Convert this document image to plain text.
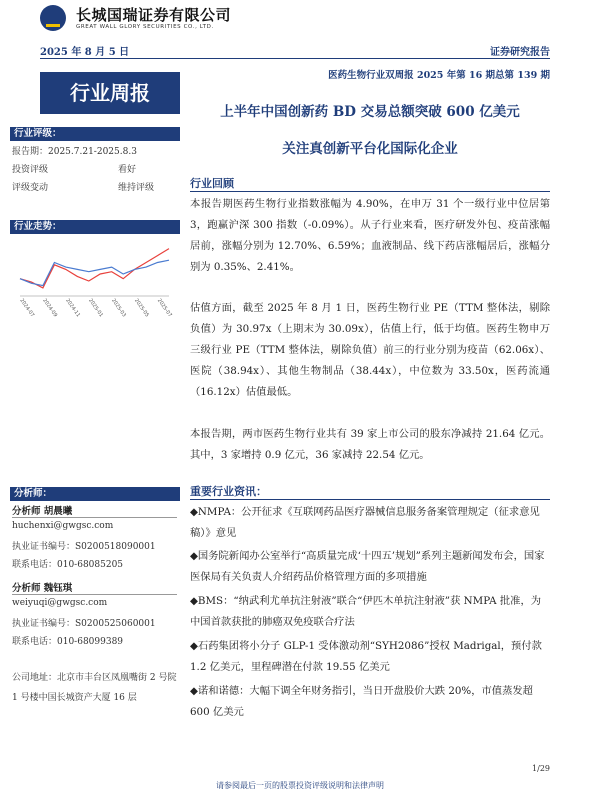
长城国瑞证券有限公司
GREAT WALL GLORY SECURITIES CO., LTD.
2025 年 8 月 5 日	证券研究报告
医药生物行业双周报 2025 年第 16 期总第 139 期
行业周报
行业评级：
报告期：2025.7.21-2025.8.3
投资评级	看好
评级变动	维持评级
行业走势：
2024-07 2024-09 2024-11 2025-01 2025-03 2025-05 2025-07
分析师：
分析师 胡晨曦
huchenxi@gwgsc.com
执业证书编号：S0200518090001
联系电话：010-68085205
分析师 魏钰琪
weiyuqi@gwgsc.com
执业证书编号：S0200525060001
联系电话：010-68099389
公司地址：北京市丰台区凤凰嘴街 2 号院 1 号楼中国长城资产大厦 16 层
上半年中国创新药 BD 交易总额突破 600 亿美元
关注真创新平台化国际化企业
行业回顾

本报告期医药生物行业指数涨幅为 4.90%，在申万 31 个一级行业中位居第 3，跑赢沪深 300 指数（-0.09%）。从子行业来看，医疗研发外包、疫苗涨幅居前，涨幅分别为 12.70%、6.59%；血液制品、线下药店涨幅居后，涨幅分别为 0.35%、2.41%。

估值方面，截至 2025 年 8 月 1 日，医药生物行业 PE（TTM 整体法，剔除负值）为 30.97x（上期末为 30.09x），估值上行，低于均值。医药生物申万三级行业 PE（TTM 整体法，剔除负值）前三的行业分别为疫苗（62.06x）、医院（38.94x）、其他生物制品（38.44x），中位数为 33.50x，医药流通（16.12x）估值最低。

本报告期，两市医药生物行业共有 39 家上市公司的股东净减持 21.64 亿元。其中，3 家增持 0.9 亿元，36 家减持 22.54 亿元。

重要行业资讯：

◆NMPA：公开征求《互联网药品医疗器械信息服务备案管理规定（征求意见稿）》意见

◆国务院新闻办公室举行“高质量完成‘十四五’规划”系列主题新闻发布会，国家医保局有关负责人介绍药品价格管理方面的多项措施

◆BMS：“纳武利尤单抗注射液”联合“伊匹木单抗注射液”获 NMPA 批准，为中国首款获批的肺癌双免疫联合疗法

◆石药集团将小分子 GLP-1 受体激动剂“SYH2086”授权 Madrigal，预付款 1.2 亿美元，里程碑潜在付款 19.55 亿美元

◆诺和诺德：大幅下调全年财务指引，当日开盘股价大跌 20%，市值蒸发超 600 亿美元

1/29
请参阅最后一页的股票投资评级说明和法律声明
